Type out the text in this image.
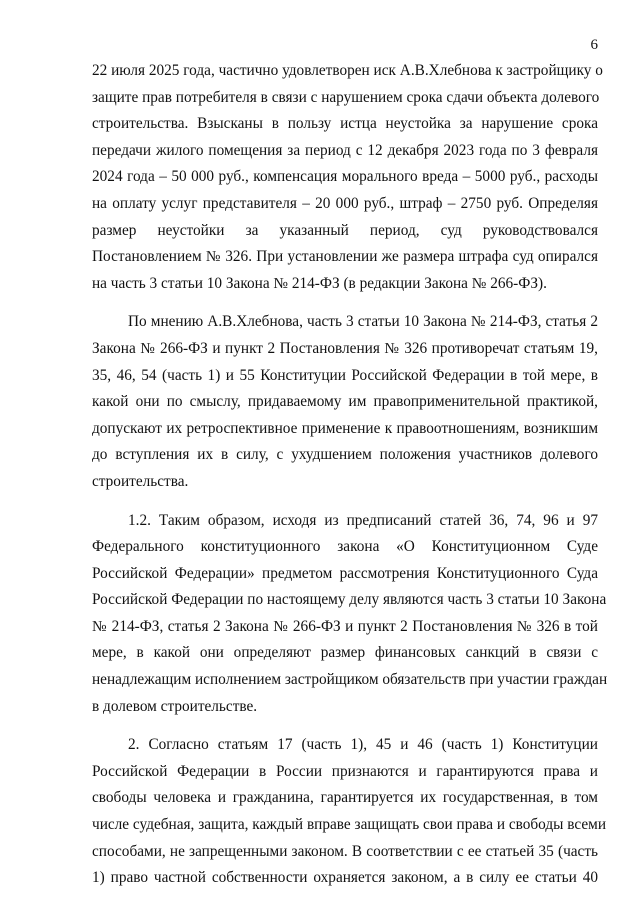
6
22 июля 2025 года, частично удовлетворен иск А.В.Хлебнова к застройщику о
защите прав потребителя в связи с нарушением срока сдачи объекта долевого
строительства. Взысканы в пользу истца неустойка за нарушение срока
передачи жилого помещения за период с 12 декабря 2023 года по 3 февраля
2024 года – 50 000 руб., компенсация морального вреда – 5000 руб., расходы
на оплату услуг представителя – 20 000 руб., штраф – 2750 руб. Определяя
размер неустойки за указанный период, суд руководствовался
Постановлением № 326. При установлении же размера штрафа суд опирался
на часть 3 статьи 10 Закона № 214-ФЗ (в редакции Закона № 266-ФЗ).
По мнению А.В.Хлебнова, часть 3 статьи 10 Закона № 214-ФЗ, статья 2
Закона № 266-ФЗ и пункт 2 Постановления № 326 противоречат статьям 19,
35, 46, 54 (часть 1) и 55 Конституции Российской Федерации в той мере, в
какой они по смыслу, придаваемому им правоприменительной практикой,
допускают их ретроспективное применение к правоотношениям, возникшим
до вступления их в силу, с ухудшением положения участников долевого
строительства.
1.2. Таким образом, исходя из предписаний статей 36, 74, 96 и 97
Федерального конституционного закона «О Конституционном Суде
Российской Федерации» предметом рассмотрения Конституционного Суда
Российской Федерации по настоящему делу являются часть 3 статьи 10 Закона
№ 214-ФЗ, статья 2 Закона № 266-ФЗ и пункт 2 Постановления № 326 в той
мере, в какой они определяют размер финансовых санкций в связи с
ненадлежащим исполнением застройщиком обязательств при участии граждан
в долевом строительстве.
2. Согласно статьям 17 (часть 1), 45 и 46 (часть 1) Конституции
Российской Федерации в России признаются и гарантируются права и
свободы человека и гражданина, гарантируется их государственная, в том
числе судебная, защита, каждый вправе защищать свои права и свободы всеми
способами, не запрещенными законом. В соответствии с ее статьей 35 (часть
1) право частной собственности охраняется законом, а в силу ее статьи 40
